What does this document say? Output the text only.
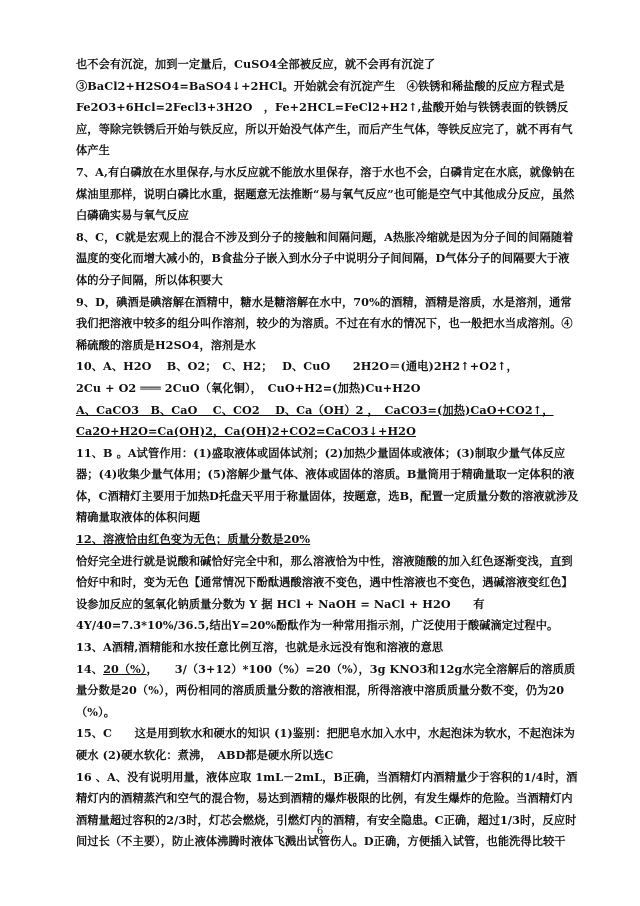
也不会有沉淀，加到一定量后，CuSO4全部被反应，就不会再有沉淀了　 ③BaCl2+H2SO4=BaSO4↓+2HCl。开始就会有沉淀产生　④铁锈和稀盐酸的反应方程式是 Fe2O3+6Hcl=2Fecl3+3H2O　，Fe+2HCL=FeCl2+H2↑,盐酸开始与铁锈表面的铁锈反应，等除完铁锈后开始与铁反应，所以开始没气体产生，而后产生气体，等铁反应完了，就不再有气体产生

7、A,有白磷放在水里保存,与水反应就不能放水里保存，溶于水也不会，白磷肯定在水底，就像钠在煤油里那样，说明白磷比水重，据题意无法推断“易与氧气反应”也可能是空气中其他成分反应，虽然白磷确实易与氧气反应

8、C，C就是宏观上的混合不涉及到分子的接触和间隔问题，A热胀冷缩就是因为分子间的间隔随着温度的变化而增大减小的，B食盐分子嵌入到水分子中说明分子间间隔，D气体分子的间隔要大于液体的分子间隔，所以体积要大

9、D，碘酒是碘溶解在酒精中，糖水是糖溶解在水中，70%的酒精，酒精是溶质，水是溶剂，通常我们把溶液中较多的组分叫作溶剂，较少的为溶质。不过在有水的情况下，也一般把水当成溶剂。④稀硫酸的溶质是H2SO4，溶剂是水

10、A、H2O　 B、O2；　C、H2；　 D、CuO　　2H2O＝(通电)2H2↑+O2↑，

2Cu + O2 ═══ 2CuO（氧化铜），　CuO+H2=(加热)Cu+H2O

A、CaCO3　B、CaO　 C、CO2　 D、Ca（OH）2 ，　CaCO3=(加热)CaO+CO2↑，Ca2O+H2O=Ca(OH)2，Ca(OH)2+CO2=CaCO3↓+H2O

11、B 。A试管作用：(1)盛取液体或固体试剂；(2)加热少量固体或液体；(3)制取少量气体反应器；(4)收集少量气体用；(5)溶解少量气体、液体或固体的溶质。B量筒用于精确量取一定体积的液体，C酒精灯主要用于加热D托盘天平用于称量固体，按题意，选B，配置一定质量分数的溶液就涉及精确量取液体的体积问题

12、溶液恰由红色变为无色；质量分数是20%

恰好完全进行就是说酸和碱恰好完全中和，那么溶液恰为中性，溶液随酸的加入红色逐渐变浅，直到恰好中和时，变为无色【通常情况下酚酞遇酸溶液不变色，遇中性溶液也不变色，遇碱溶液变红色】设参加反应的氢氧化钠质量分数为 Y 据 HCl + NaOH = NaCl + H2O　　有 4Y/40=7.3*10%/36.5,结出Y=20%酚酞作为一种常用指示剂，广泛使用于酸碱滴定过程中。

13、A酒精,酒精能和水按任意比例互溶，也就是永远没有饱和溶液的意思

14、20（%），　　3/（3+12）*100（%）=20（%），3g KNO3和12g水完全溶解后的溶质质量分数是20（%），两份相同的溶质质量分数的溶液相混，所得溶液中溶质质量分数不变，仍为20（%）。

15、C　　这是用到软水和硬水的知识 (1)鉴别：把肥皂水加入水中，水起泡沫为软水，不起泡沫为硬水 (2)硬水软化：煮沸，　ABD都是硬水所以选C

16 、A、没有说明用量，液体应取 1mL－2mL，B正确，当酒精灯内酒精量少于容积的1/4时，酒精灯内的酒精蒸汽和空气的混合物，易达到酒精的爆炸极限的比例，有发生爆炸的危险。当酒精灯内酒精量超过容积的2/3时，灯芯会燃烧，引燃灯内的酒精，有安全隐患。C正确，超过1/3时，反应时间过长（不主要），防止液体沸腾时液体飞溅出试管伤人。D正确，方便插入试管，也能洗得比较干

6
